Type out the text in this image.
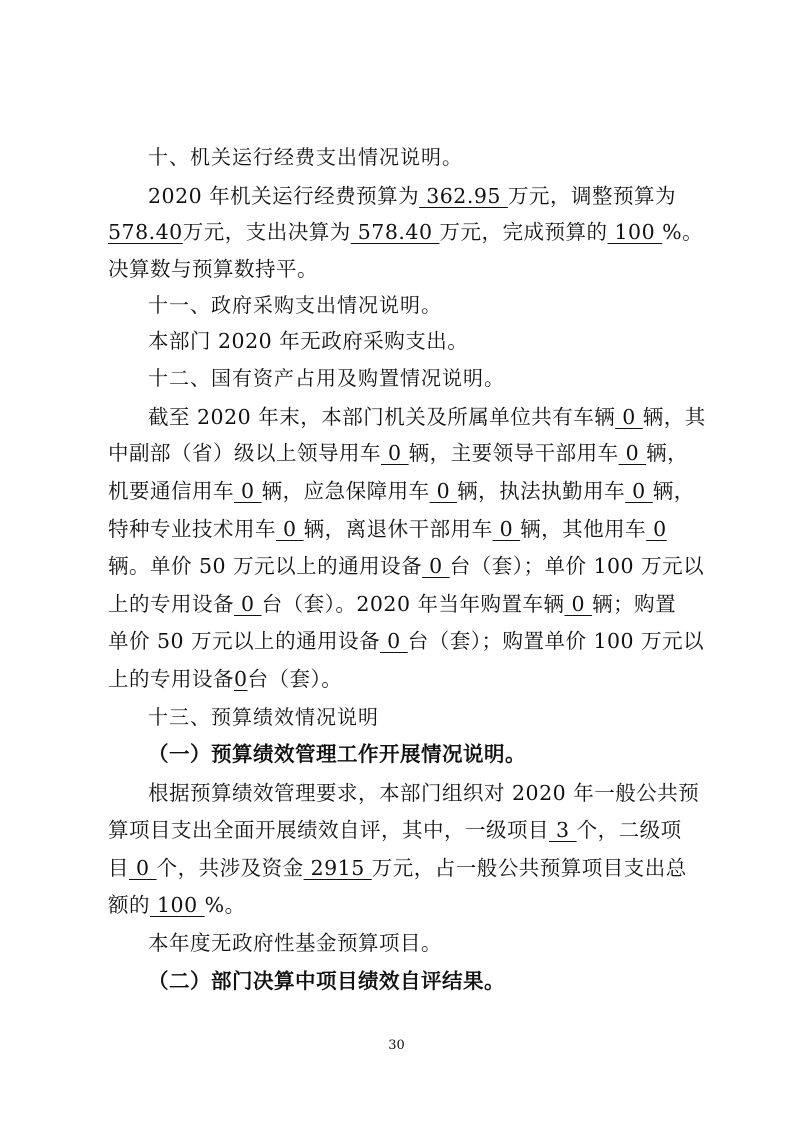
十、机关运行经费支出情况说明。
2020 年机关运行经费预算为 362.95 万元，调整预算为
578.40万元，支出决算为 578.40 万元，完成预算的 100 %。
决算数与预算数持平。
十一、政府采购支出情况说明。
本部门 2020 年无政府采购支出。
十二、国有资产占用及购置情况说明。
截至 2020 年末，本部门机关及所属单位共有车辆 0 辆，其
中副部（省）级以上领导用车 0 辆，主要领导干部用车 0 辆，
机要通信用车 0 辆，应急保障用车 0 辆，执法执勤用车 0 辆，
特种专业技术用车 0 辆，离退休干部用车 0 辆，其他用车 0
辆。单价 50 万元以上的通用设备 0 台（套）；单价 100 万元以
上的专用设备 0 台（套）。2020 年当年购置车辆 0 辆；购置
单价 50 万元以上的通用设备 0 台（套）；购置单价 100 万元以
上的专用设备0台（套）。
十三、预算绩效情况说明
（一）预算绩效管理工作开展情况说明。
根据预算绩效管理要求，本部门组织对 2020 年一般公共预
算项目支出全面开展绩效自评，其中，一级项目 3 个，二级项
目 0 个，共涉及资金 2915 万元，占一般公共预算项目支出总
额的 100 %。
本年度无政府性基金预算项目。
（二）部门决算中项目绩效自评结果。
30
